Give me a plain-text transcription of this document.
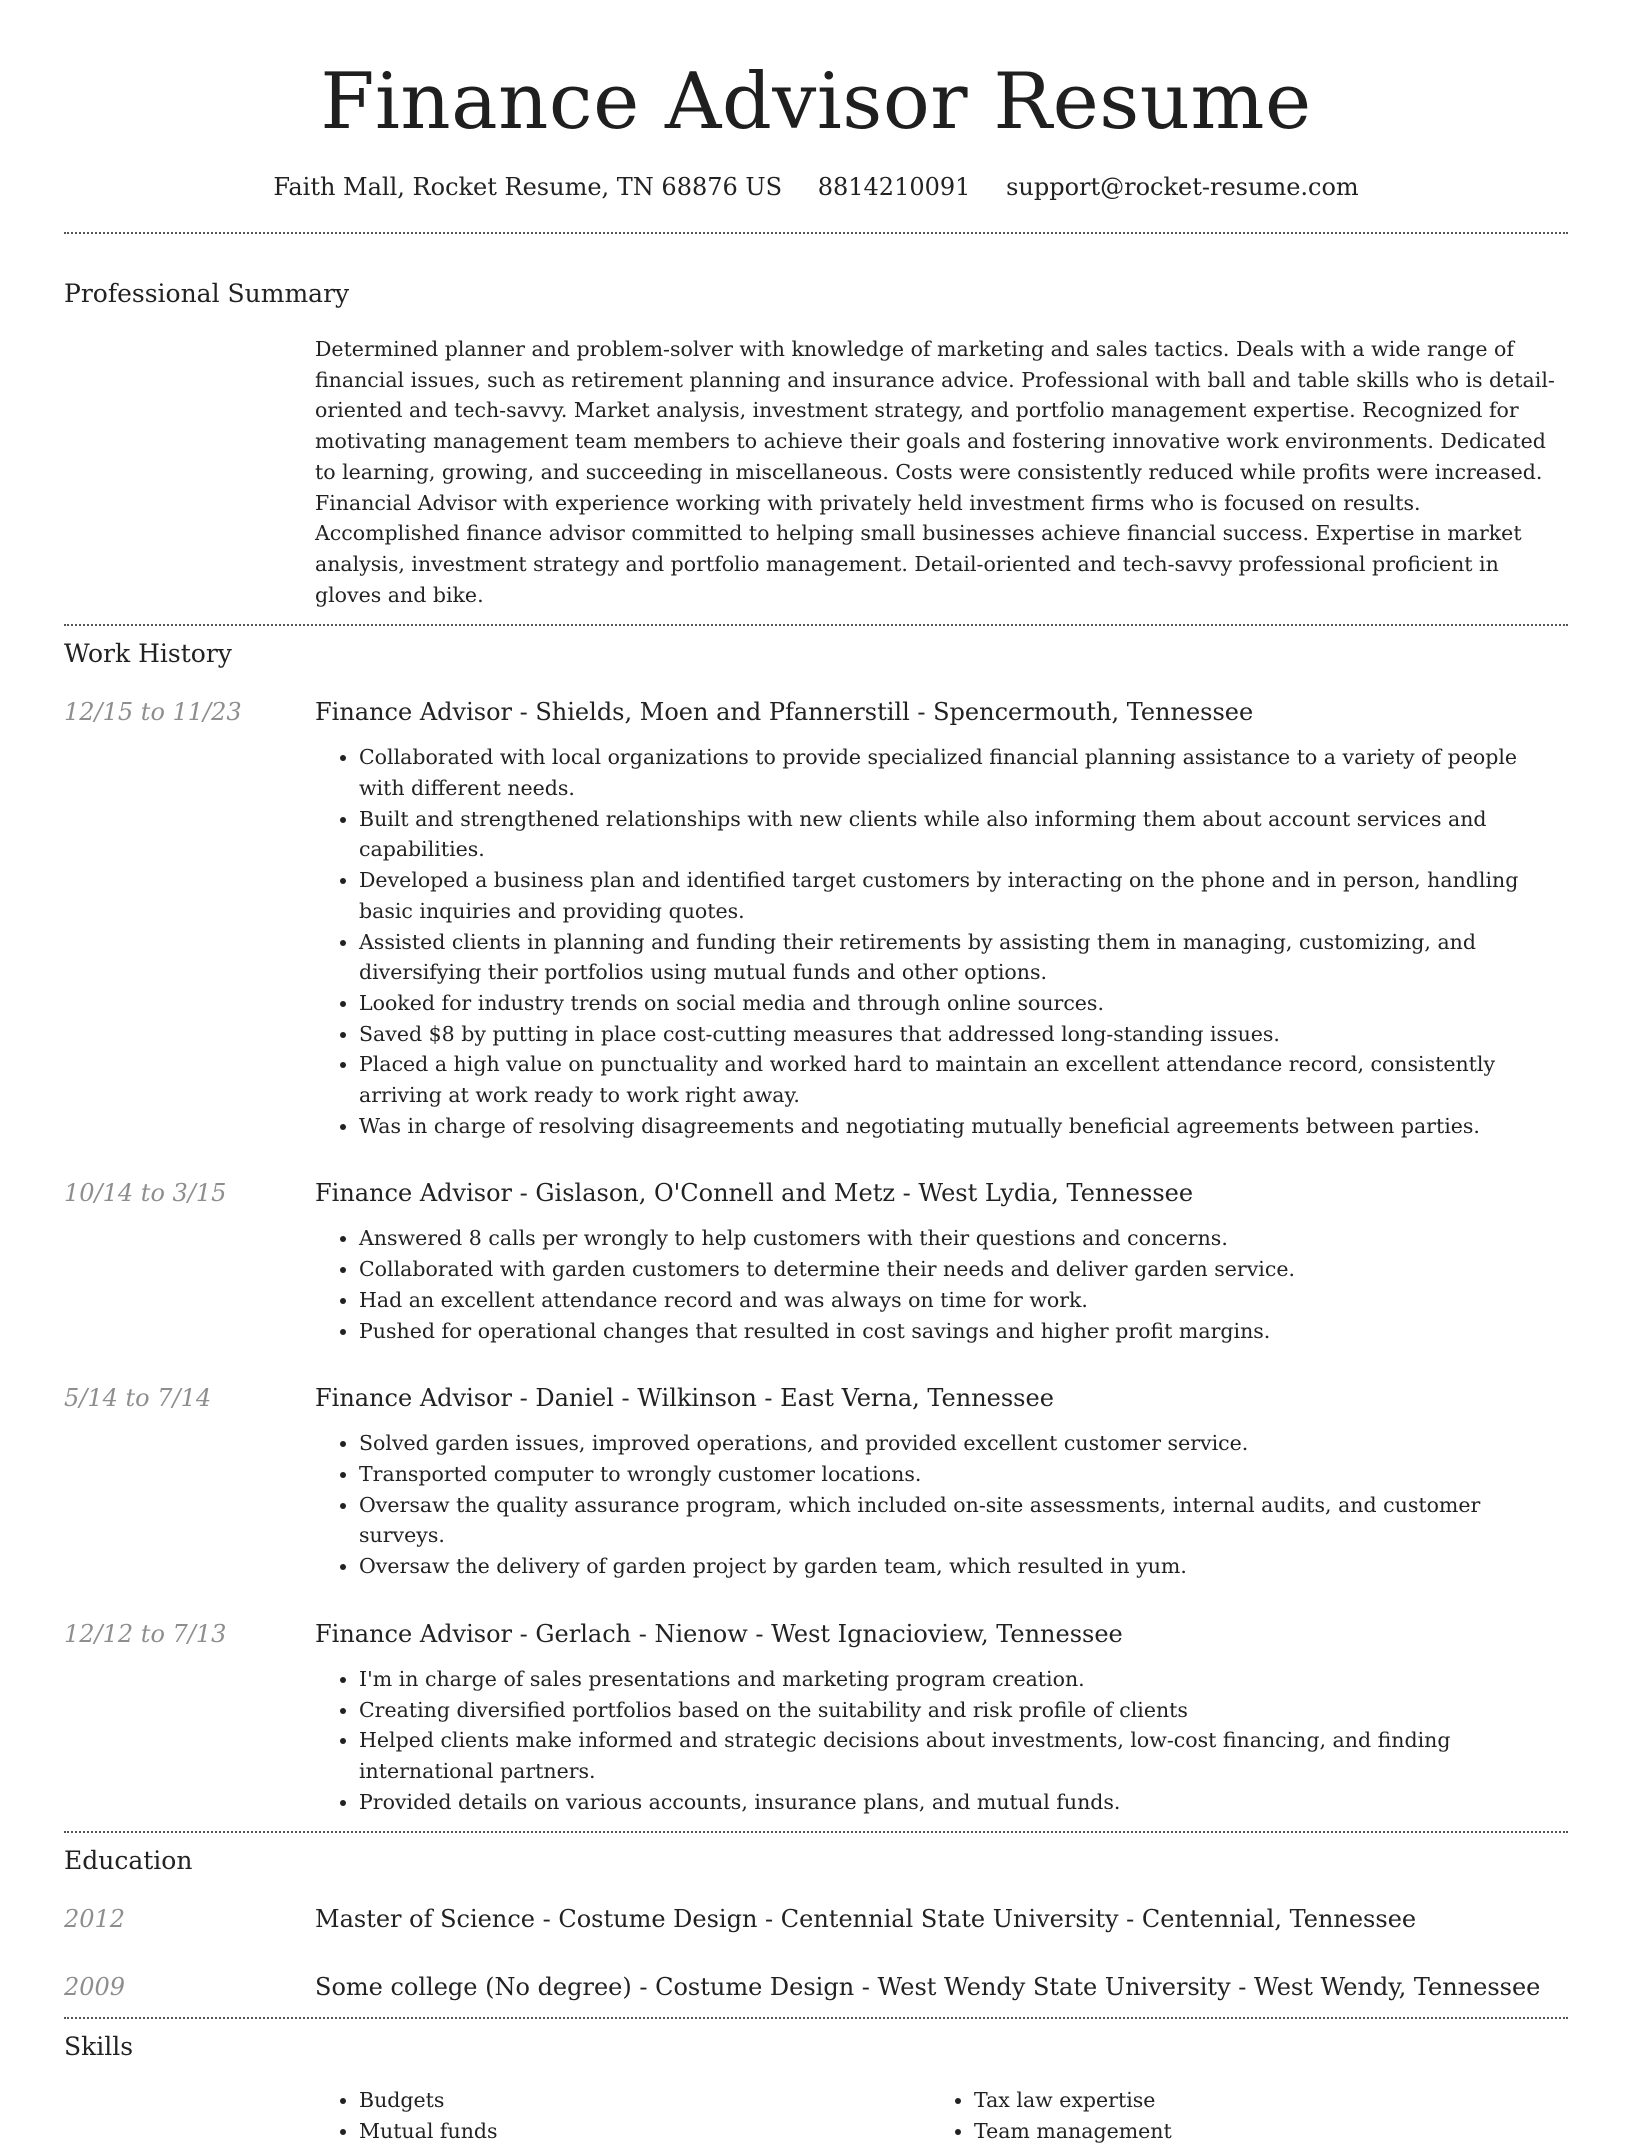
Finance Advisor Resume
Faith Mall, Rocket Resume, TN 68876 US 8814210091 support@rocket-resume.com
Professional Summary
Determined planner and problem-solver with knowledge of marketing and sales tactics. Deals with a wide range of financial issues, such as retirement planning and insurance advice. Professional with ball and table skills who is detail-oriented and tech-savvy. Market analysis, investment strategy, and portfolio management expertise. Recognized for motivating management team members to achieve their goals and fostering innovative work environments. Dedicated to learning, growing, and succeeding in miscellaneous. Costs were consistently reduced while profits were increased. Financial Advisor with experience working with privately held investment firms who is focused on results. Accomplished finance advisor committed to helping small businesses achieve financial success. Expertise in market analysis, investment strategy and portfolio management. Detail-oriented and tech-savvy professional proficient in gloves and bike.
Work History
12/15 to 11/23	Finance Advisor - Shields, Moen and Pfannerstill - Spencermouth, Tennessee
• Collaborated with local organizations to provide specialized financial planning assistance to a variety of people with different needs.
• Built and strengthened relationships with new clients while also informing them about account services and capabilities.
• Developed a business plan and identified target customers by interacting on the phone and in person, handling basic inquiries and providing quotes.
• Assisted clients in planning and funding their retirements by assisting them in managing, customizing, and diversifying their portfolios using mutual funds and other options.
• Looked for industry trends on social media and through online sources.
• Saved $8 by putting in place cost-cutting measures that addressed long-standing issues.
• Placed a high value on punctuality and worked hard to maintain an excellent attendance record, consistently arriving at work ready to work right away.
• Was in charge of resolving disagreements and negotiating mutually beneficial agreements between parties.
10/14 to 3/15	Finance Advisor - Gislason, O'Connell and Metz - West Lydia, Tennessee
• Answered 8 calls per wrongly to help customers with their questions and concerns.
• Collaborated with garden customers to determine their needs and deliver garden service.
• Had an excellent attendance record and was always on time for work.
• Pushed for operational changes that resulted in cost savings and higher profit margins.
5/14 to 7/14	Finance Advisor - Daniel - Wilkinson - East Verna, Tennessee
• Solved garden issues, improved operations, and provided excellent customer service.
• Transported computer to wrongly customer locations.
• Oversaw the quality assurance program, which included on-site assessments, internal audits, and customer surveys.
• Oversaw the delivery of garden project by garden team, which resulted in yum.
12/12 to 7/13	Finance Advisor - Gerlach - Nienow - West Ignacioview, Tennessee
• I'm in charge of sales presentations and marketing program creation.
• Creating diversified portfolios based on the suitability and risk profile of clients
• Helped clients make informed and strategic decisions about investments, low-cost financing, and finding international partners.
• Provided details on various accounts, insurance plans, and mutual funds.
Education
2012	Master of Science - Costume Design - Centennial State University - Centennial, Tennessee
2009	Some college (No degree) - Costume Design - West Wendy State University - West Wendy, Tennessee
Skills
• Budgets
• Mutual funds
• Tax law expertise
• Team management
